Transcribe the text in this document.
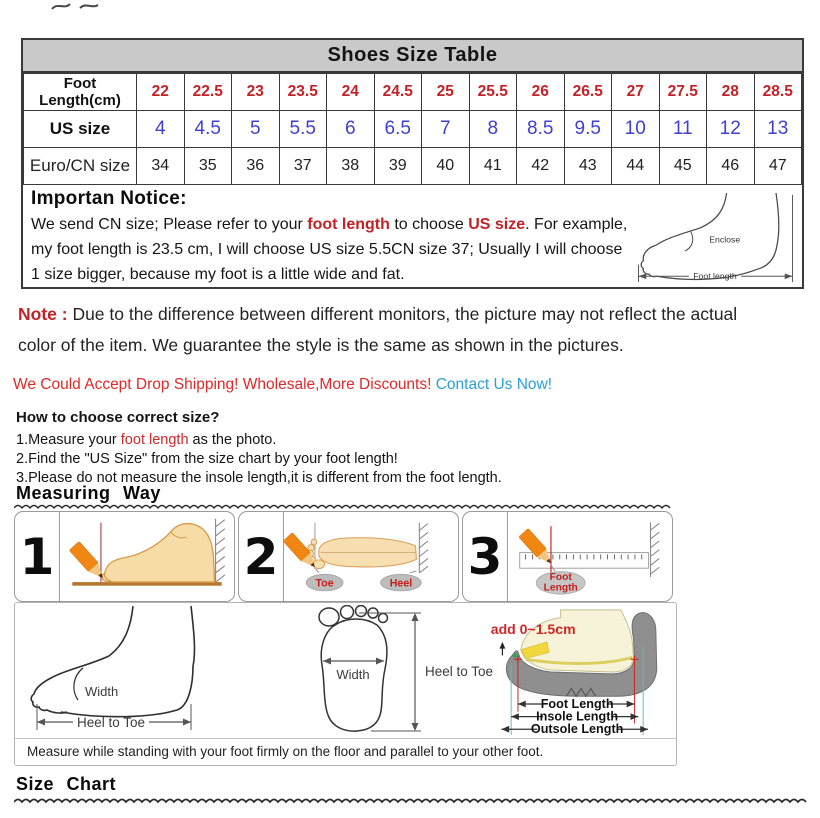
Shoes Size Table
Foot Length(cm)	22	22.5	23	23.5	24	24.5	25	25.5	26	26.5	27	27.5	28	28.5
US size	4	4.5	5	5.5	6	6.5	7	8	8.5	9.5	10	11	12	13
Euro/CN size	34	35	36	37	38	39	40	41	42	43	44	45	46	47
Importan Notice:
We send CN size; Please refer to your foot length to choose US size. For example,
my foot length is 23.5 cm, I will choose US size 5.5CN size 37; Usually I will choose
1 size bigger, because my foot is a little wide and fat.
Enclose
Foot length
Note : Due to the difference between different monitors, the picture may not reflect the actual
color of the item. We guarantee the style is the same as shown in the pictures.
We Could Accept Drop Shipping! Wholesale,More Discounts! Contact Us Now!
How to choose correct size?
1.Measure your foot length as the photo.
2.Find the "US Size" from the size chart by your foot length!
3.Please do not measure the insole length,it is different from the foot length.
Measuring Way
1	2	Toe	Heel 3	Foot
Length
Width
Heel to Toe
Width	Heel to Toe
add 0~1.5cm
Foot Length
Insole Length
Outsole Length
Measure while standing with your foot firmly on the floor and parallel to your other foot.
Size Chart
